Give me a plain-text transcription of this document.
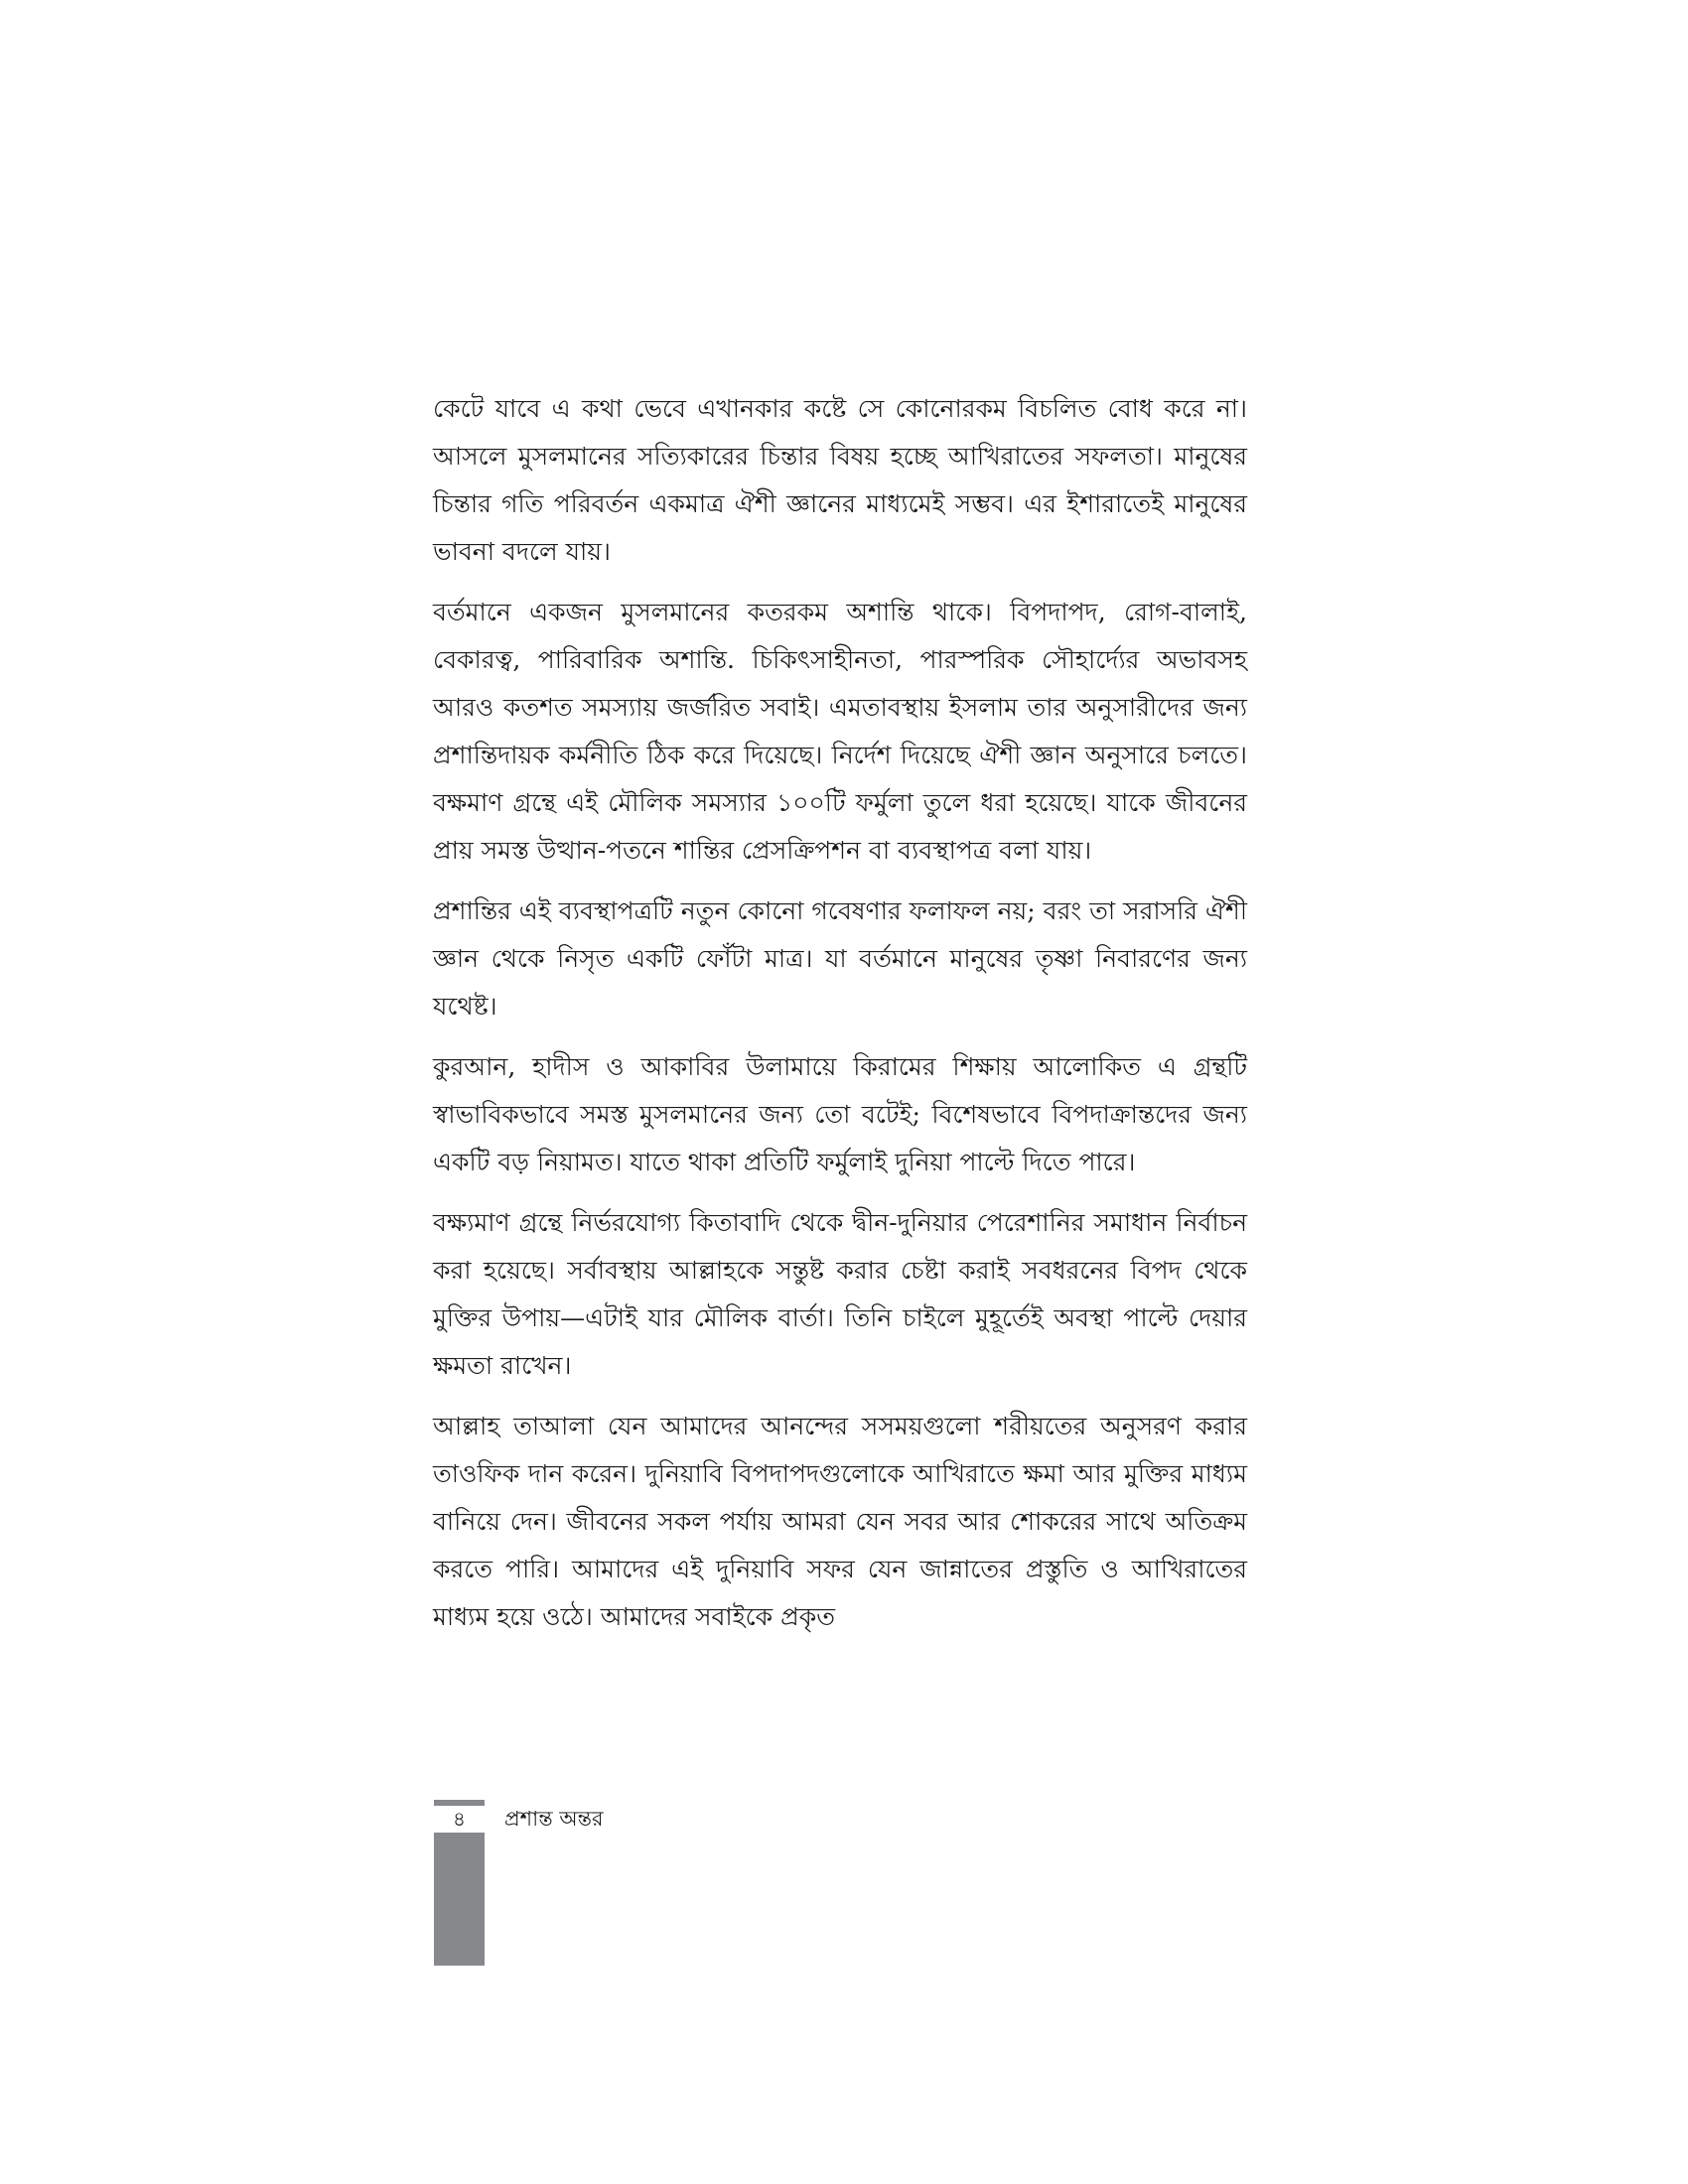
কেটে যাবে এ কথা ভেবে এখানকার কষ্টে সে কোনোরকম বিচলিত বোধ করে না। আসলে মুসলমানের সত্যিকারের চিন্তার বিষয় হচ্ছে আখিরাতের সফলতা। মানুষের চিন্তার গতি পরিবর্তন একমাত্র ঐশী জ্ঞানের মাধ্যমেই সম্ভব। এর ইশারাতেই মানুষের ভাবনা বদলে যায়।

বর্তমানে একজন মুসলমানের কতরকম অশান্তি থাকে। বিপদাপদ, রোগ-বালাই, বেকারত্ব, পারিবারিক অশান্তি. চিকিৎসাহীনতা, পারস্পরিক সৌহার্দ্যের অভাবসহ আরও কতশত সমস্যায় জর্জরিত সবাই। এমতাবস্থায় ইসলাম তার অনুসারীদের জন্য প্রশান্তিদায়ক কর্মনীতি ঠিক করে দিয়েছে। নির্দেশ দিয়েছে ঐশী জ্ঞান অনুসারে চলতে। বক্ষমাণ গ্রন্থে এই মৌলিক সমস্যার ১০০টি ফর্মুলা তুলে ধরা হয়েছে। যাকে জীবনের প্রায় সমস্ত উত্থান-পতনে শান্তির প্রেসক্রিপশন বা ব্যবস্থাপত্র বলা যায়।

প্রশান্তির এই ব্যবস্থাপত্রটি নতুন কোনো গবেষণার ফলাফল নয়; বরং তা সরাসরি ঐশী জ্ঞান থেকে নিসৃত একটি ফোঁটা মাত্র। যা বর্তমানে মানুষের তৃষ্ণা নিবারণের জন্য যথেষ্ট।

কুরআন, হাদীস ও আকাবির উলামায়ে কিরামের শিক্ষায় আলোকিত এ গ্রন্থটি স্বাভাবিকভাবে সমস্ত মুসলমানের জন্য তো বটেই; বিশেষভাবে বিপদাক্রান্তদের জন্য একটি বড় নিয়ামত। যাতে থাকা প্রতিটি ফর্মুলাই দুনিয়া পাল্টে দিতে পারে।

বক্ষ্যমাণ গ্রন্থে নির্ভরযোগ্য কিতাবাদি থেকে দ্বীন-দুনিয়ার পেরেশানির সমাধান নির্বাচন করা হয়েছে। সর্বাবস্থায় আল্লাহকে সন্তুষ্ট করার চেষ্টা করাই সবধরনের বিপদ থেকে মুক্তির উপায়—এটাই যার মৌলিক বার্তা। তিনি চাইলে মুহূর্তেই অবস্থা পাল্টে দেয়ার ক্ষমতা রাখেন।

আল্লাহ তাআলা যেন আমাদের আনন্দের সসময়গুলো শরীয়তের অনুসরণ করার তাওফিক দান করেন। দুনিয়াবি বিপদাপদগুলোকে আখিরাতে ক্ষমা আর মুক্তির মাধ্যম বানিয়ে দেন। জীবনের সকল পর্যায় আমরা যেন সবর আর শোকরের সাথে অতিক্রম করতে পারি। আমাদের এই দুনিয়াবি সফর যেন জান্নাতের প্রস্তুতি ও আখিরাতের মাধ্যম হয়ে ওঠে। আমাদের সবাইকে প্রকৃত

৪	প্রশান্ত অন্তর
